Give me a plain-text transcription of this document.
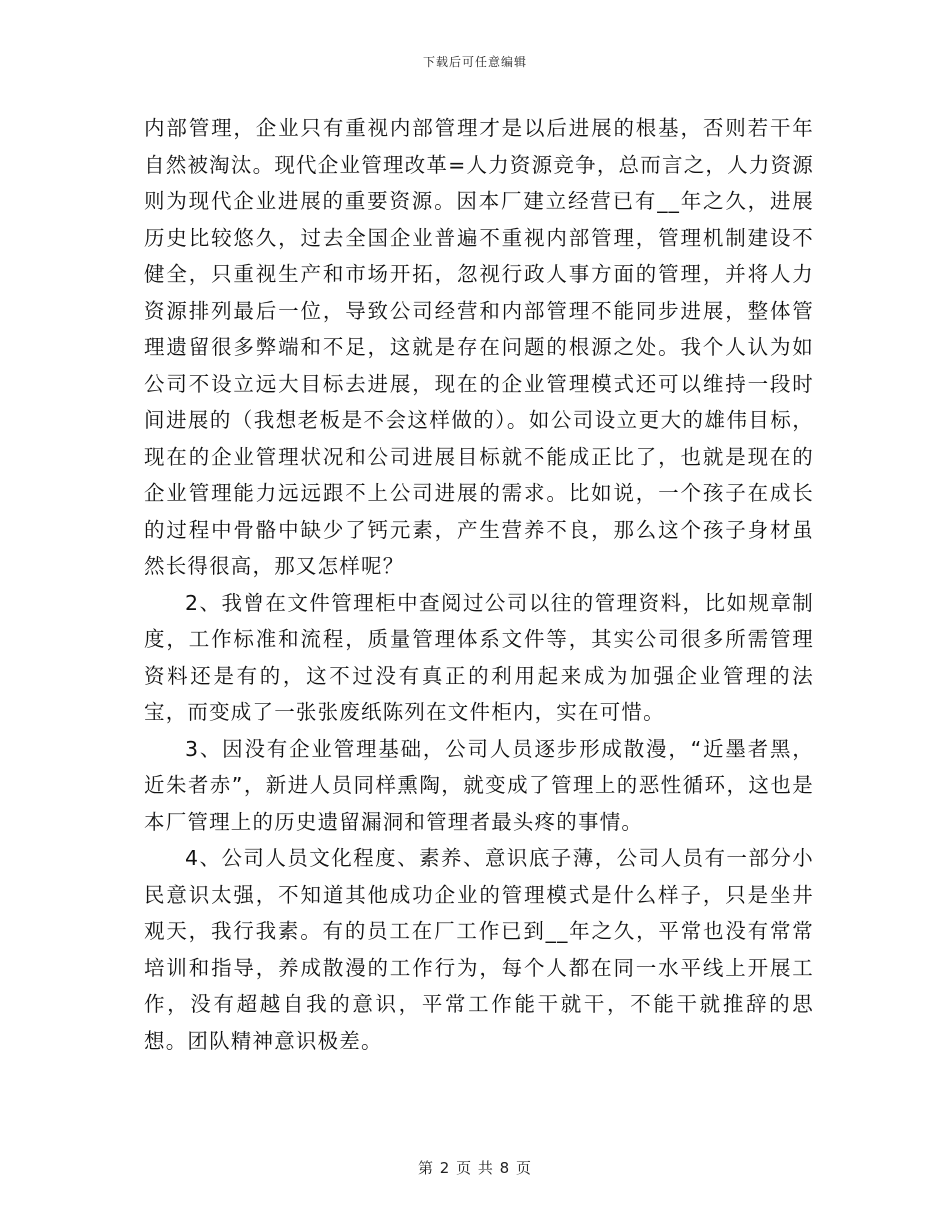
下载后可任意编辑

内部管理，企业只有重视内部管理才是以后进展的根基，否则若干年自然被淘汰。现代企业管理改革=人力资源竞争，总而言之，人力资源则为现代企业进展的重要资源。因本厂建立经营已有__年之久，进展历史比较悠久，过去全国企业普遍不重视内部管理，管理机制建设不健全，只重视生产和市场开拓，忽视行政人事方面的管理，并将人力资源排列最后一位，导致公司经营和内部管理不能同步进展，整体管理遗留很多弊端和不足，这就是存在问题的根源之处。我个人认为如公司不设立远大目标去进展，现在的企业管理模式还可以维持一段时间进展的（我想老板是不会这样做的）。如公司设立更大的雄伟目标，现在的企业管理状况和公司进展目标就不能成正比了，也就是现在的企业管理能力远远跟不上公司进展的需求。比如说，一个孩子在成长的过程中骨骼中缺少了钙元素，产生营养不良，那么这个孩子身材虽然长得很高，那又怎样呢？

2、我曾在文件管理柜中查阅过公司以往的管理资料，比如规章制度，工作标准和流程，质量管理体系文件等，其实公司很多所需管理资料还是有的，这不过没有真正的利用起来成为加强企业管理的法宝，而变成了一张张废纸陈列在文件柜内，实在可惜。

3、因没有企业管理基础，公司人员逐步形成散漫，“近墨者黑，近朱者赤”，新进人员同样熏陶，就变成了管理上的恶性循环，这也是本厂管理上的历史遗留漏洞和管理者最头疼的事情。

4、公司人员文化程度、素养、意识底子薄，公司人员有一部分小民意识太强，不知道其他成功企业的管理模式是什么样子，只是坐井观天，我行我素。有的员工在厂工作已到__年之久，平常也没有常常培训和指导，养成散漫的工作行为，每个人都在同一水平线上开展工作，没有超越自我的意识，平常工作能干就干，不能干就推辞的思想。团队精神意识极差。

第 2 页 共 8 页
